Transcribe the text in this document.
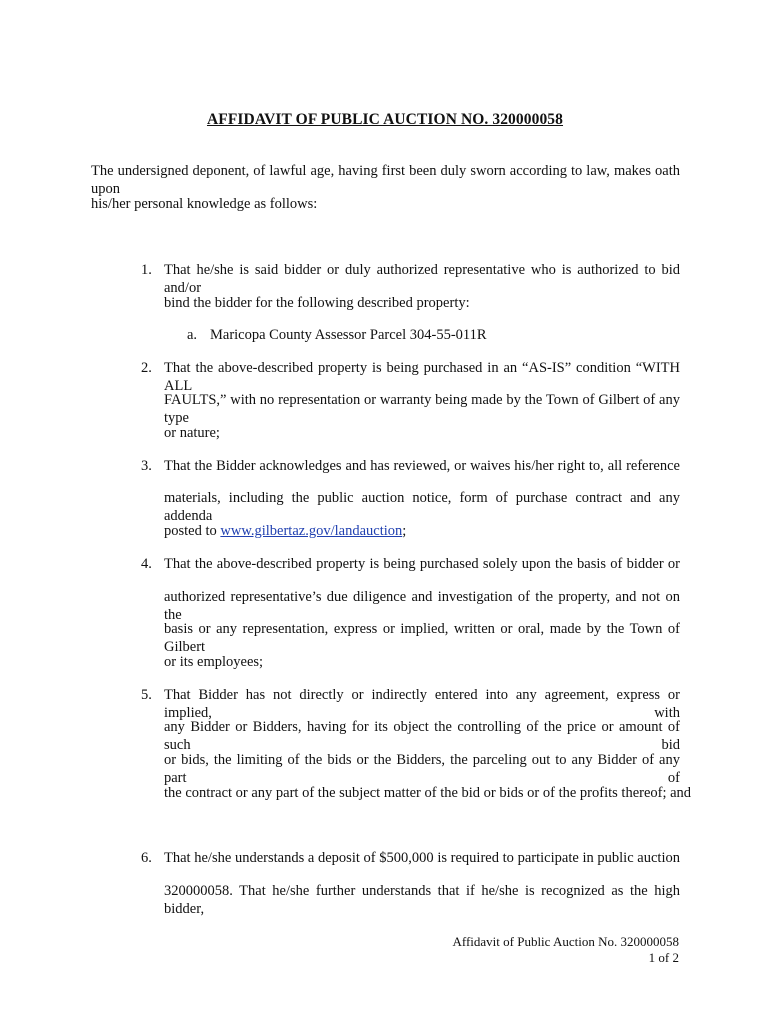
AFFIDAVIT OF PUBLIC AUCTION NO. 320000058

The undersigned deponent, of lawful age, having first been duly sworn according to law, makes oath upon

his/her personal knowledge as follows:

1. That he/she is said bidder or duly authorized representative who is authorized to bid and/or

bind the bidder for the following described property:

a. Maricopa County Assessor Parcel 304-55-011R

2. That the above-described property is being purchased in an “AS-IS” condition “WITH ALL

FAULTS,” with no representation or warranty being made by the Town of Gilbert of any type

or nature;

3. That the Bidder acknowledges and has reviewed, or waives his/her right to, all reference

materials, including the public auction notice, form of purchase contract and any addenda

posted to www.gilbertaz.gov/landauction;

4. That the above-described property is being purchased solely upon the basis of bidder or

authorized representative’s due diligence and investigation of the property, and not on the

basis or any representation, express or implied, written or oral, made by the Town of Gilbert

or its employees;

5. That Bidder has not directly or indirectly entered into any agreement, express or implied, with

any Bidder or Bidders, having for its object the controlling of the price or amount of such bid

or bids, the limiting of the bids or the Bidders, the parceling out to any Bidder of any part of

the contract or any part of the subject matter of the bid or bids or of the profits thereof; and

6. That he/she understands a deposit of $500,000 is required to participate in public auction

320000058. That he/she further understands that if he/she is recognized as the high bidder,

Affidavit of Public Auction No. 320000058
1 of 2
